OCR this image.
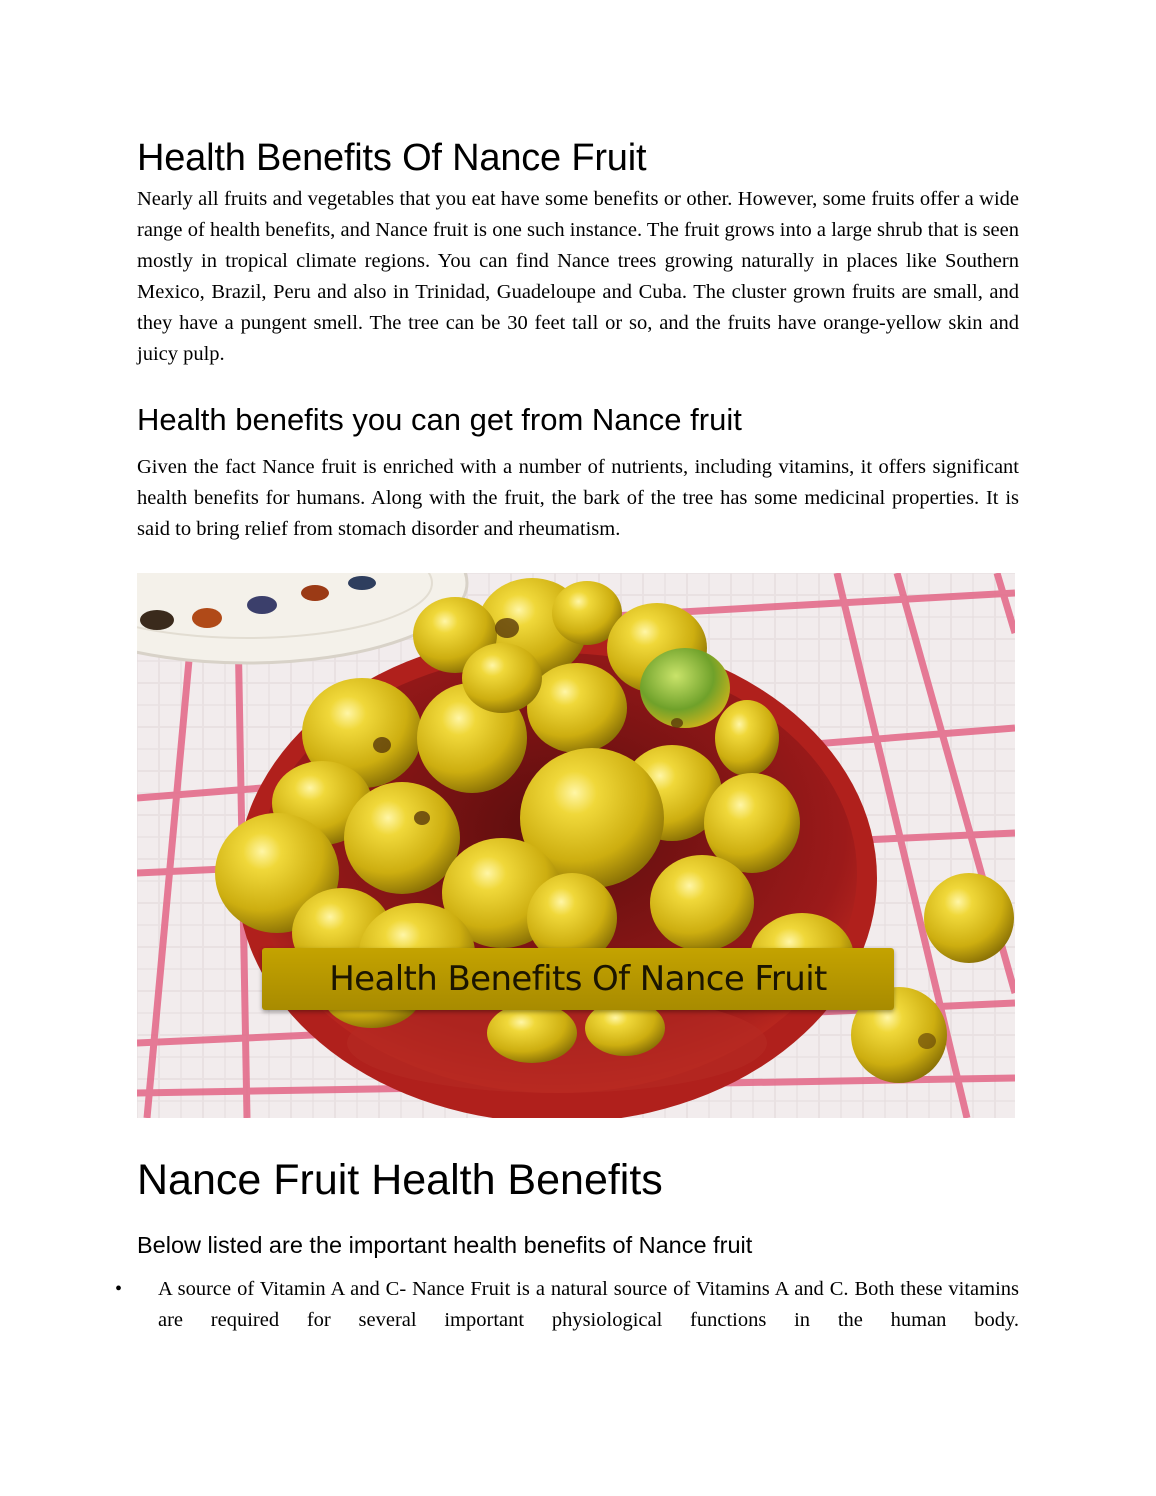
Health Benefits Of Nance Fruit

Nearly all fruits and vegetables that you eat have some benefits or other. However, some fruits offer a wide range of health benefits, and Nance fruit is one such instance. The fruit grows into a large shrub that is seen mostly in tropical climate regions. You can find Nance trees growing naturally in places like Southern Mexico, Brazil, Peru and also in Trinidad, Guadeloupe and Cuba. The cluster grown fruits are small, and they have a pungent smell. The tree can be 30 feet tall or so, and the fruits have orange-yellow skin and juicy pulp.

Health benefits you can get from Nance fruit

Given the fact Nance fruit is enriched with a number of nutrients, including vitamins, it offers significant health benefits for humans. Along with the fruit, the bark of the tree has some medicinal properties. It is said to bring relief from stomach disorder and rheumatism.

Health Benefits Of Nance Fruit
Nance Fruit Health Benefits
Below listed are the important health benefits of Nance fruit
• A source of Vitamin A and C- Nance Fruit is a natural source of Vitamins A and C. Both these vitamins are required for several important physiological functions in the human body.
